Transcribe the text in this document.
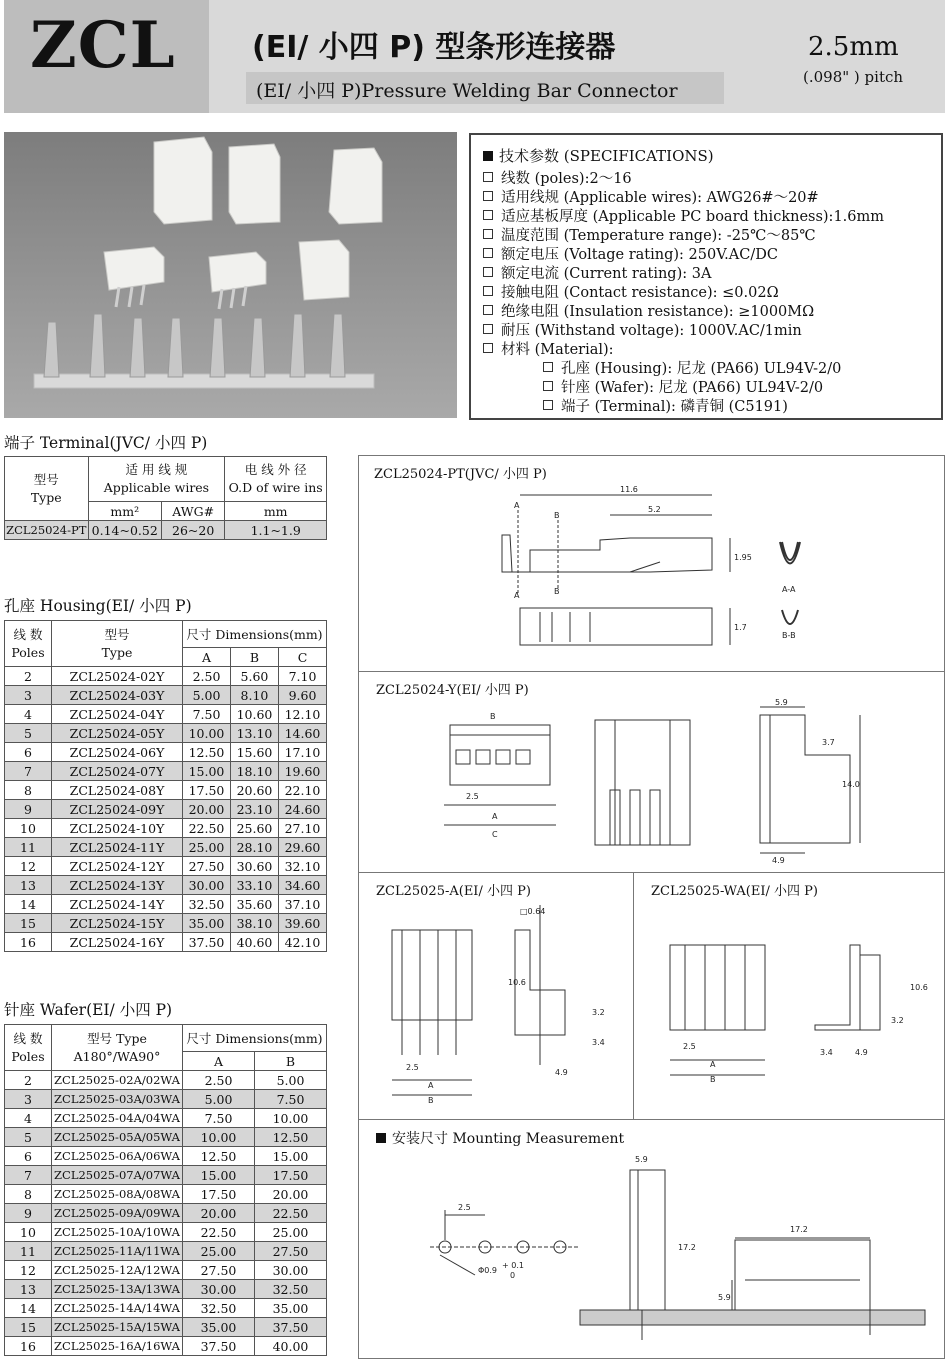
ZCL	(EI/ 小四 P) 型条形连接器
(EI/ 小四 P)Pressure Welding Bar Connector
2.5mm
(.098" ) pitch
技术参数 (SPECIFICATIONS)
线数 (poles):2～16
适用线规 (Applicable wires): AWG26#～20#
适应基板厚度 (Applicable PC board thickness):1.6mm
温度范围 (Temperature range): -25℃～85℃
额定电压 (Voltage rating): 250V.AC/DC
额定电流 (Current rating): 3A
接触电阻 (Contact resistance): ≤0.02Ω
绝缘电阻 (Insulation resistance): ≥1000MΩ
耐压 (Withstand voltage): 1000V.AC/1min
材料 (Material):
孔座 (Housing): 尼龙 (PA66) UL94V-2/0
针座 (Wafer): 尼龙 (PA66) UL94V-2/0
端子 (Terminal): 磷青铜 (C5191)
端子 Terminal(JVC/ 小四 P)
型号
Type	适 用 线 规
Applicable wires		电 线 外 径
O.D of wire ins
	mm²	AWG#	mm
ZCL25024-PT	0.14~0.52	26~20	1.1~1.9
孔座 Housing(EI/ 小四 P)
线 数
Poles	型号
Type	尺寸 Dimensions(mm)		
		A	B	C
2	ZCL25024-02Y	2.50	5.60	7.10
3	ZCL25024-03Y	5.00	8.10	9.60
4	ZCL25024-04Y	7.50	10.60	12.10
5	ZCL25024-05Y	10.00	13.10	14.60
6	ZCL25024-06Y	12.50	15.60	17.10
7	ZCL25024-07Y	15.00	18.10	19.60
8	ZCL25024-08Y	17.50	20.60	22.10
9	ZCL25024-09Y	20.00	23.10	24.60
10	ZCL25024-10Y	22.50	25.60	27.10
11	ZCL25024-11Y	25.00	28.10	29.60
12	ZCL25024-12Y	27.50	30.60	32.10
13	ZCL25024-13Y	30.00	33.10	34.60
14	ZCL25024-14Y	32.50	35.60	37.10
15	ZCL25024-15Y	35.00	38.10	39.60
16	ZCL25024-16Y	37.50	40.60	42.10
针座 Wafer(EI/ 小四 P)
线 数
Poles	型号 Type
A180°/WA90°	尺寸 Dimensions(mm)	
		A	B
2	ZCL25025-02A/02WA	2.50	5.00
3	ZCL25025-03A/03WA	5.00	7.50
4	ZCL25025-04A/04WA	7.50	10.00
5	ZCL25025-05A/05WA	10.00	12.50
6	ZCL25025-06A/06WA	12.50	15.00
7	ZCL25025-07A/07WA	15.00	17.50
8	ZCL25025-08A/08WA	17.50	20.00
9	ZCL25025-09A/09WA	20.00	22.50
10	ZCL25025-10A/10WA	22.50	25.00
11	ZCL25025-11A/11WA	25.00	27.50
12	ZCL25025-12A/12WA	27.50	30.00
13	ZCL25025-13A/13WA	30.00	32.50
14	ZCL25025-14A/14WA	32.50	35.00
15	ZCL25025-15A/15WA	35.00	37.50
16	ZCL25025-16A/16WA	37.50	40.00
ZCL25024-PT(JVC/ 小四 P)
ZCL25024-Y(EI/ 小四 P)
ZCL25025-A(EI/ 小四 P)	ZCL25025-WA(EI/ 小四 P)
安装尺寸 Mounting Measurement
11.6
5.2
1.95
1.7
A-A
B-B
A
A
B
B
B
2.5
A
C
5.9
3.7
14.0
4.9
□0.64
10.6
3.2
3.4
4.9
2.5
A
B
10.6
3.2
3.4	4.9
2.5
A
B
2.5
Φ0.9
+ 0.1
0
5.9
17.2
17.2
5.9
